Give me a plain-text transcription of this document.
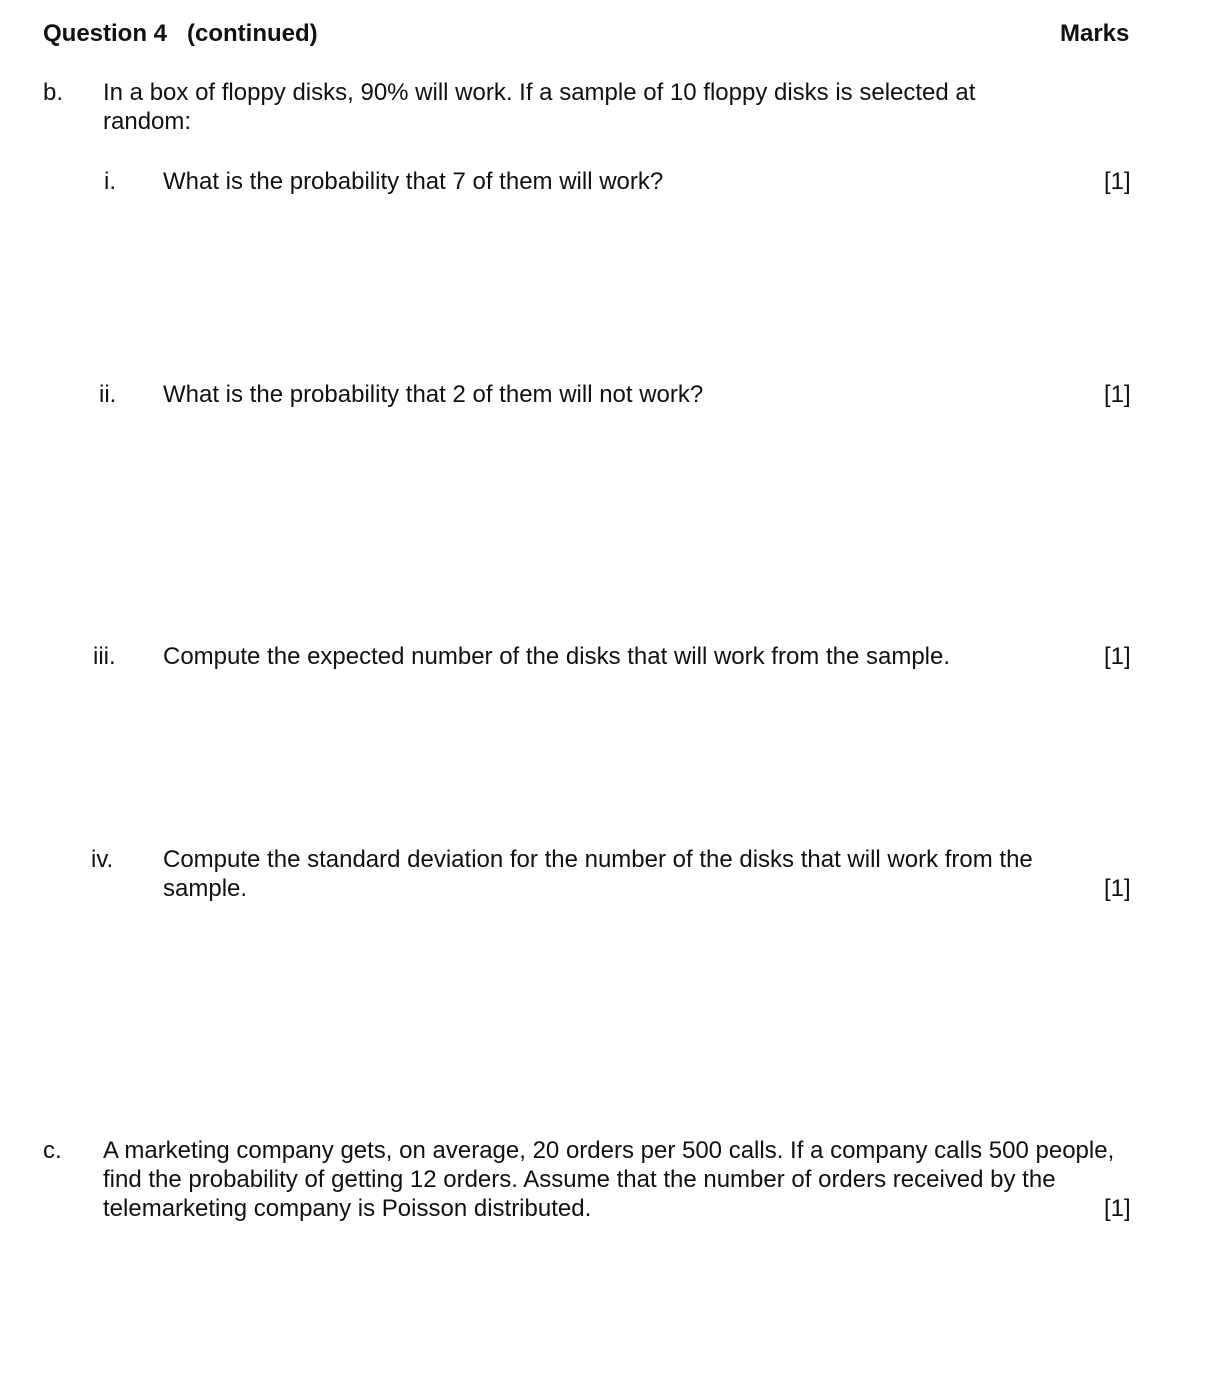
Question 4   (continued)	Marks
b.	In a box of floppy disks, 90% will work. If a sample of 10 floppy disks is selected at random:
i.	What is the probability that 7 of them will work?	[1]
ii.	What is the probability that 2 of them will not work?	[1]
iii.	Compute the expected number of the disks that will work from the sample.	[1]
iv.	Compute the standard deviation for the number of the disks that will work from the sample.	[1]
c.	A marketing company gets, on average, 20 orders per 500 calls. If a company calls 500 people, find the probability of getting 12 orders. Assume that the number of orders received by the telemarketing company is Poisson distributed.	[1]
